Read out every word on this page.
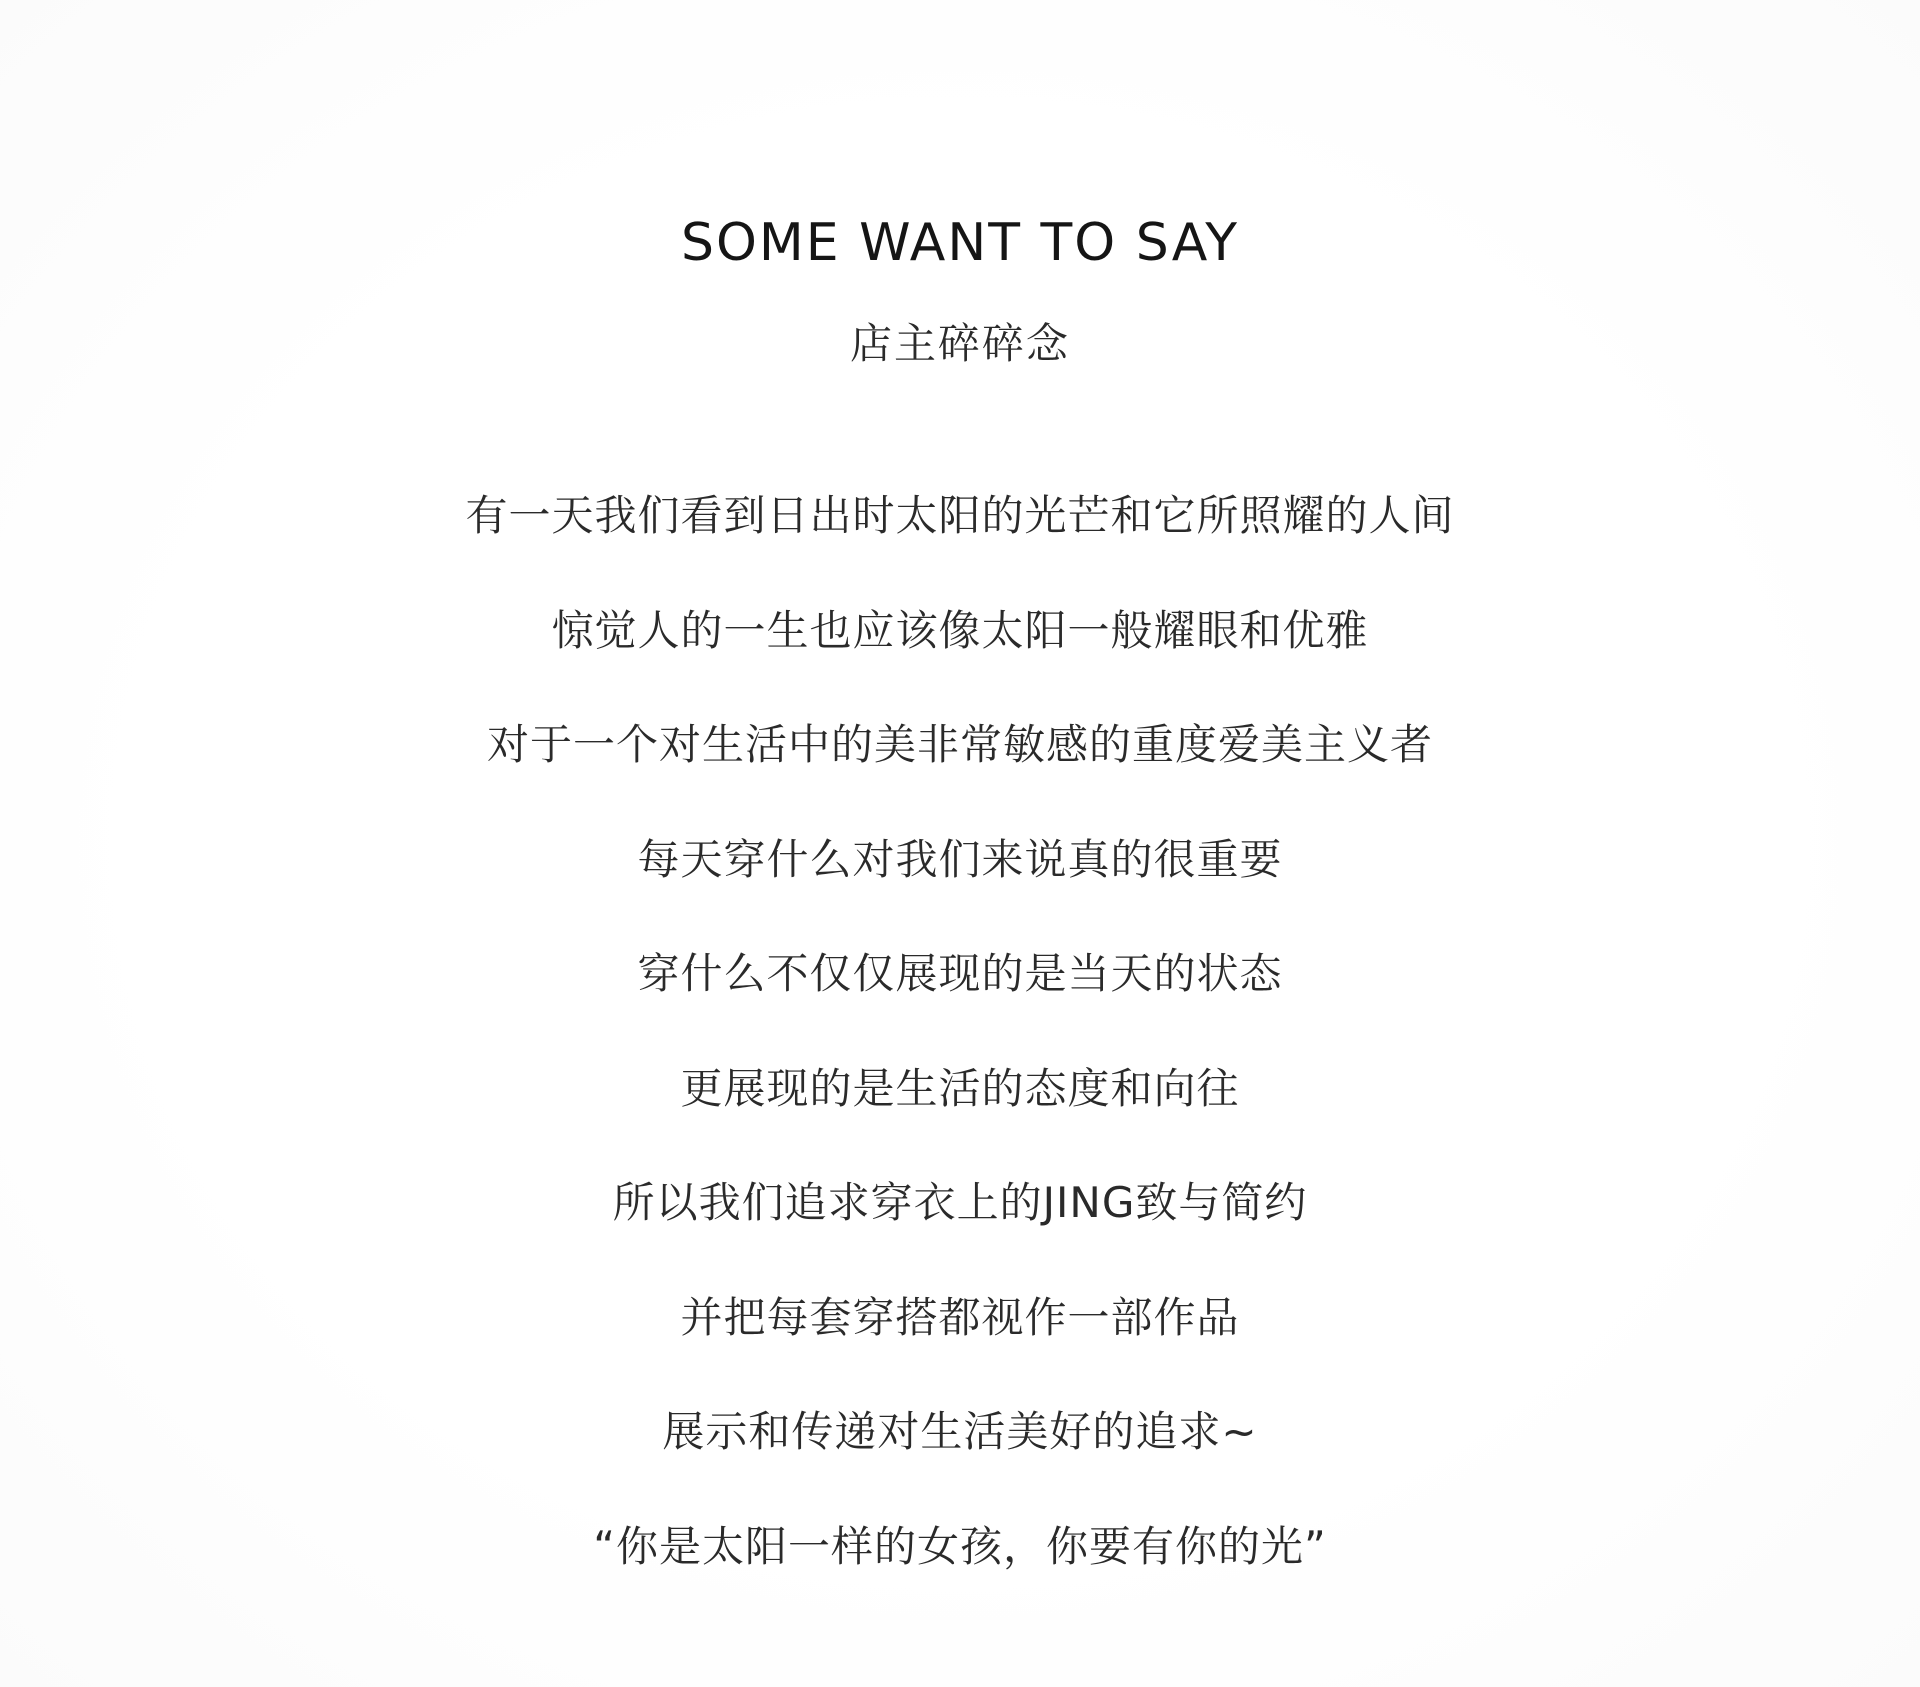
SOME WANT TO SAY
店主碎碎念
有一天我们看到日出时太阳的光芒和它所照耀的人间
惊觉人的一生也应该像太阳一般耀眼和优雅
对于一个对生活中的美非常敏感的重度爱美主义者
每天穿什么对我们来说真的很重要
穿什么不仅仅展现的是当天的状态
更展现的是生活的态度和向往
所以我们追求穿衣上的JING致与简约
并把每套穿搭都视作一部作品
展示和传递对生活美好的追求~
“你是太阳一样的女孩，你要有你的光”
